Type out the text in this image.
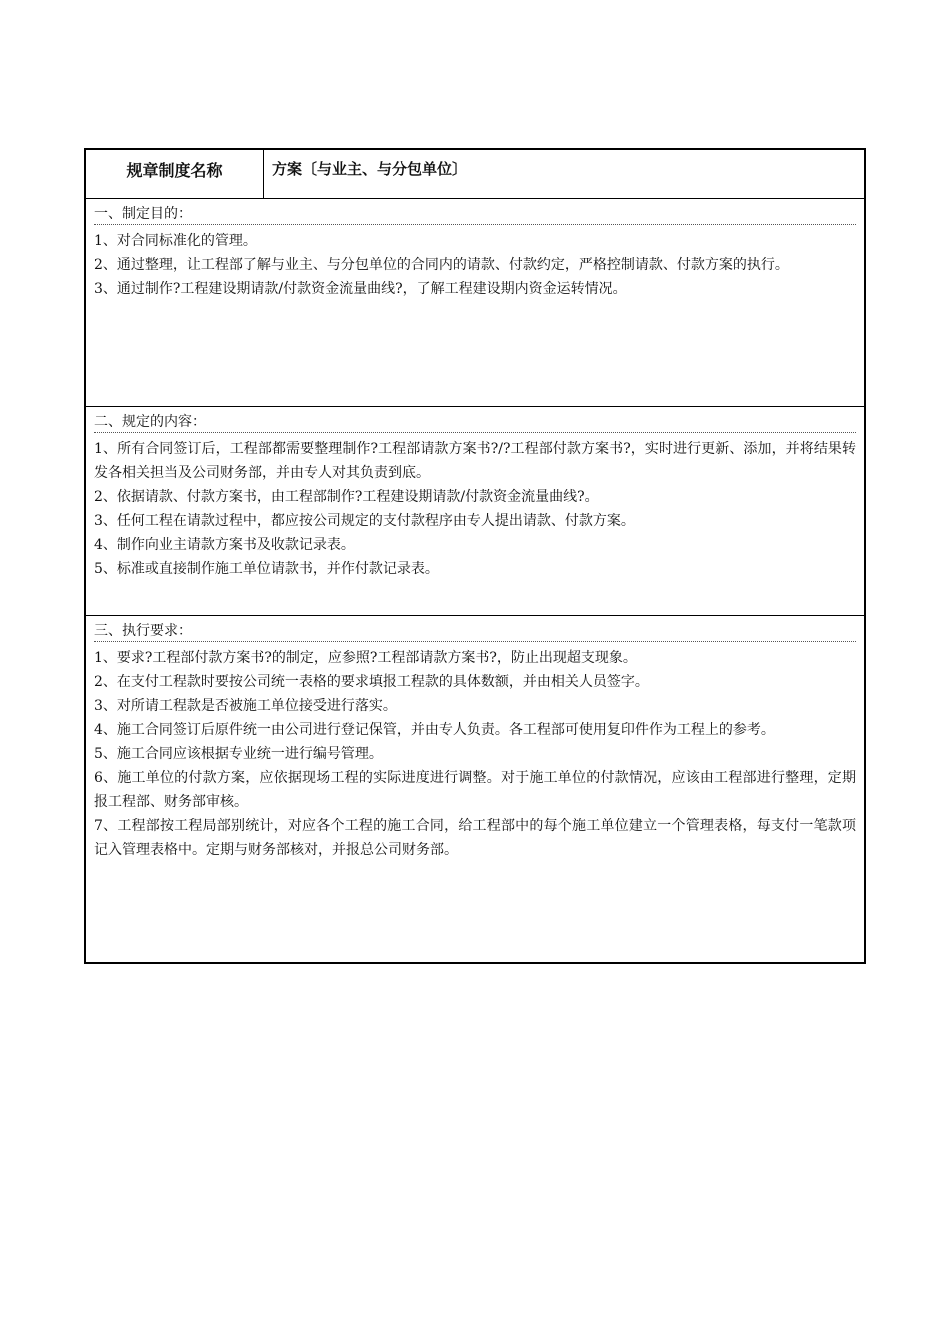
规章制度名称	方案〔与业主、与分包单位〕
一、制定目的：
1、对合同标准化的管理。
2、通过整理，让工程部了解与业主、与分包单位的合同内的请款、付款约定，严格控制请款、付款方案的执行。
3、通过制作?工程建设期请款/付款资金流量曲线?，了解工程建设期内资金运转情况。
二、规定的内容：
1、所有合同签订后，工程部都需要整理制作?工程部请款方案书?/?工程部付款方案书?，实时进行更新、添加，并将结果转发各相关担当及公司财务部，并由专人对其负责到底。
2、依据请款、付款方案书，由工程部制作?工程建设期请款/付款资金流量曲线?。
3、任何工程在请款过程中，都应按公司规定的支付款程序由专人提出请款、付款方案。
4、制作向业主请款方案书及收款记录表。
5、标准或直接制作施工单位请款书，并作付款记录表。
三、执行要求：
1、要求?工程部付款方案书?的制定，应参照?工程部请款方案书?，防止出现超支现象。
2、在支付工程款时要按公司统一表格的要求填报工程款的具体数额，并由相关人员签字。
3、对所请工程款是否被施工单位接受进行落实。
4、施工合同签订后原件统一由公司进行登记保管，并由专人负责。各工程部可使用复印件作为工程上的参考。
5、施工合同应该根据专业统一进行编号管理。
6、施工单位的付款方案，应依据现场工程的实际进度进行调整。对于施工单位的付款情况，应该由工程部进行整理，定期报工程部、财务部审核。
7、工程部按工程局部别统计，对应各个工程的施工合同，给工程部中的每个施工单位建立一个管理表格，每支付一笔款项记入管理表格中。定期与财务部核对，并报总公司财务部。
